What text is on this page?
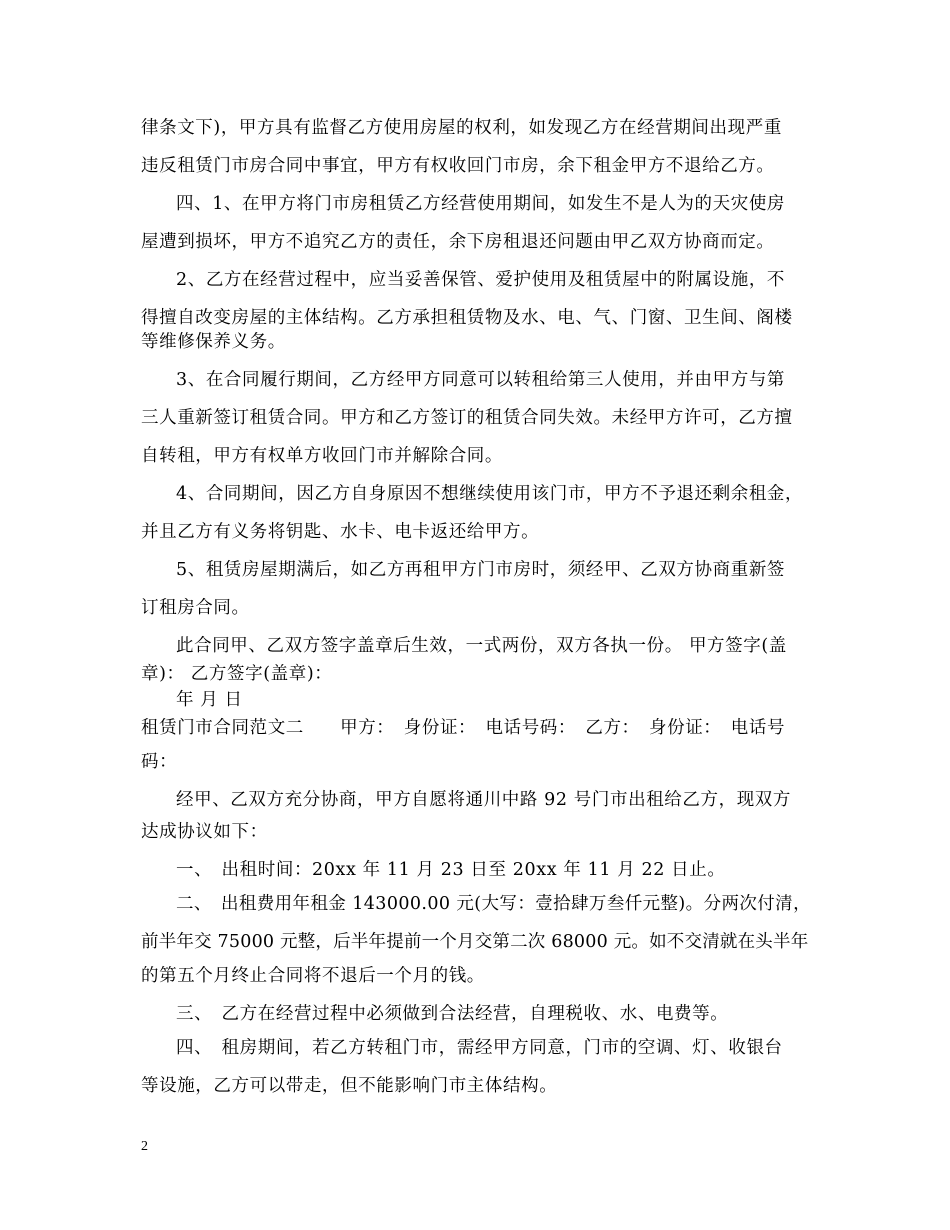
律条文下)，甲方具有监督乙方使用房屋的权利，如发现乙方在经营期间出现严重
违反租赁门市房合同中事宜，甲方有权收回门市房，余下租金甲方不退给乙方。
四、1、在甲方将门市房租赁乙方经营使用期间，如发生不是人为的天灾使房
屋遭到损坏，甲方不追究乙方的责任，余下房租退还问题由甲乙双方协商而定。
2、乙方在经营过程中，应当妥善保管、爱护使用及租赁屋中的附属设施，不
得擅自改变房屋的主体结构。乙方承担租赁物及水、电、气、门窗、卫生间、阁楼
等维修保养义务。
3、在合同履行期间，乙方经甲方同意可以转租给第三人使用，并由甲方与第
三人重新签订租赁合同。甲方和乙方签订的租赁合同失效。未经甲方许可，乙方擅
自转租，甲方有权单方收回门市并解除合同。
4、合同期间，因乙方自身原因不想继续使用该门市，甲方不予退还剩余租金，
并且乙方有义务将钥匙、水卡、电卡返还给甲方。
5、租赁房屋期满后，如乙方再租甲方门市房时，须经甲、乙双方协商重新签
订租房合同。
此合同甲、乙双方签字盖章后生效，一式两份，双方各执一份。 甲方签字(盖
章)： 乙方签字(盖章)：
年 月 日
租赁门市合同范文二　　甲方：　身份证：　电话号码：　乙方：　身份证：　电话号
码：
经甲、乙双方充分协商，甲方自愿将通川中路 92 号门市出租给乙方，现双方
达成协议如下：
一、　出租时间：20xx 年 11 月 23 日至 20xx 年 11 月 22 日止。
二、　出租费用年租金 143000.00 元(大写：壹拾肆万叁仟元整)。分两次付清，
前半年交 75000 元整，后半年提前一个月交第二次 68000 元。如不交清就在头半年
的第五个月终止合同将不退后一个月的钱。
三、　乙方在经营过程中必须做到合法经营，自理税收、水、电费等。
四、　租房期间，若乙方转租门市，需经甲方同意，门市的空调、灯、收银台
等设施，乙方可以带走，但不能影响门市主体结构。
2
